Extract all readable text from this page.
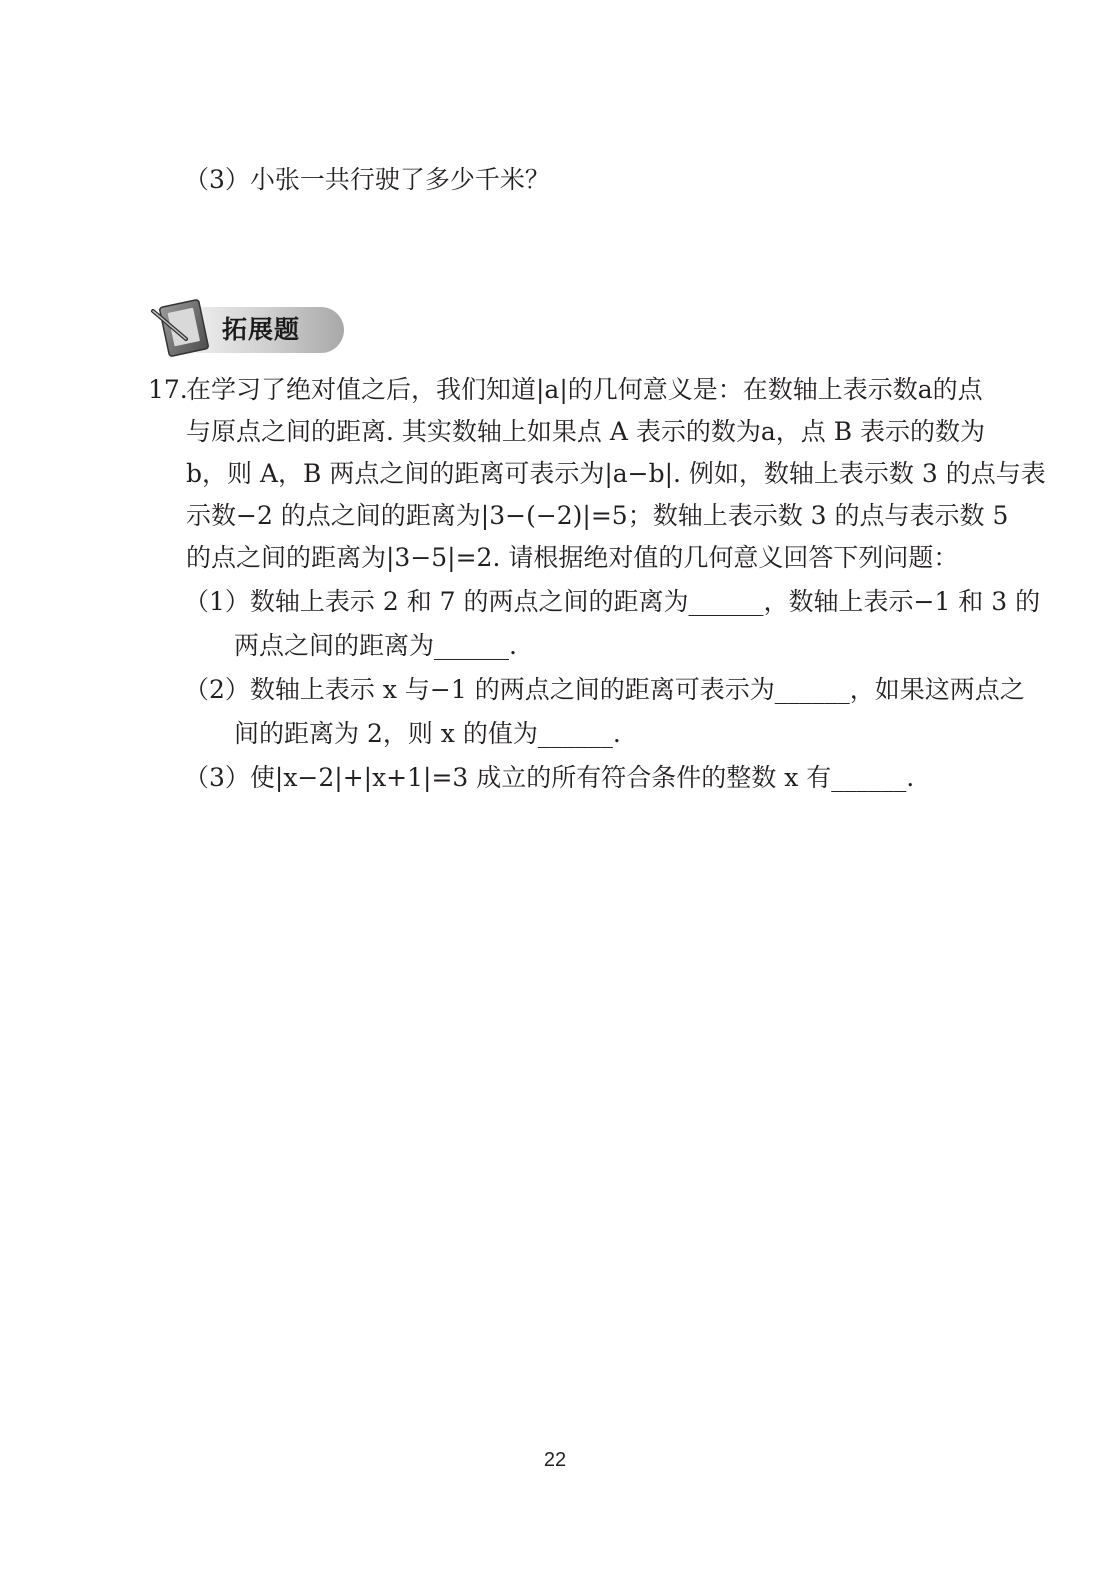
（3）小张一共行驶了多少千米？
拓展题
17.
在学习了绝对值之后，我们知道|a|的几何意义是：在数轴上表示数a的点
与原点之间的距离. 其实数轴上如果点 A 表示的数为a，点 B 表示的数为
b，则 A，B 两点之间的距离可表示为|a−b|. 例如，数轴上表示数 3 的点与表
示数−2 的点之间的距离为|3−(−2)|=5；数轴上表示数 3 的点与表示数 5
的点之间的距离为|3−5|=2. 请根据绝对值的几何意义回答下列问题：
（1）数轴上表示 2 和 7 的两点之间的距离为______，数轴上表示−1 和 3 的
两点之间的距离为______.
（2）数轴上表示 x 与−1 的两点之间的距离可表示为______，如果这两点之
间的距离为 2，则 x 的值为______.
（3）使|x−2|+|x+1|=3 成立的所有符合条件的整数 x 有______.
22
